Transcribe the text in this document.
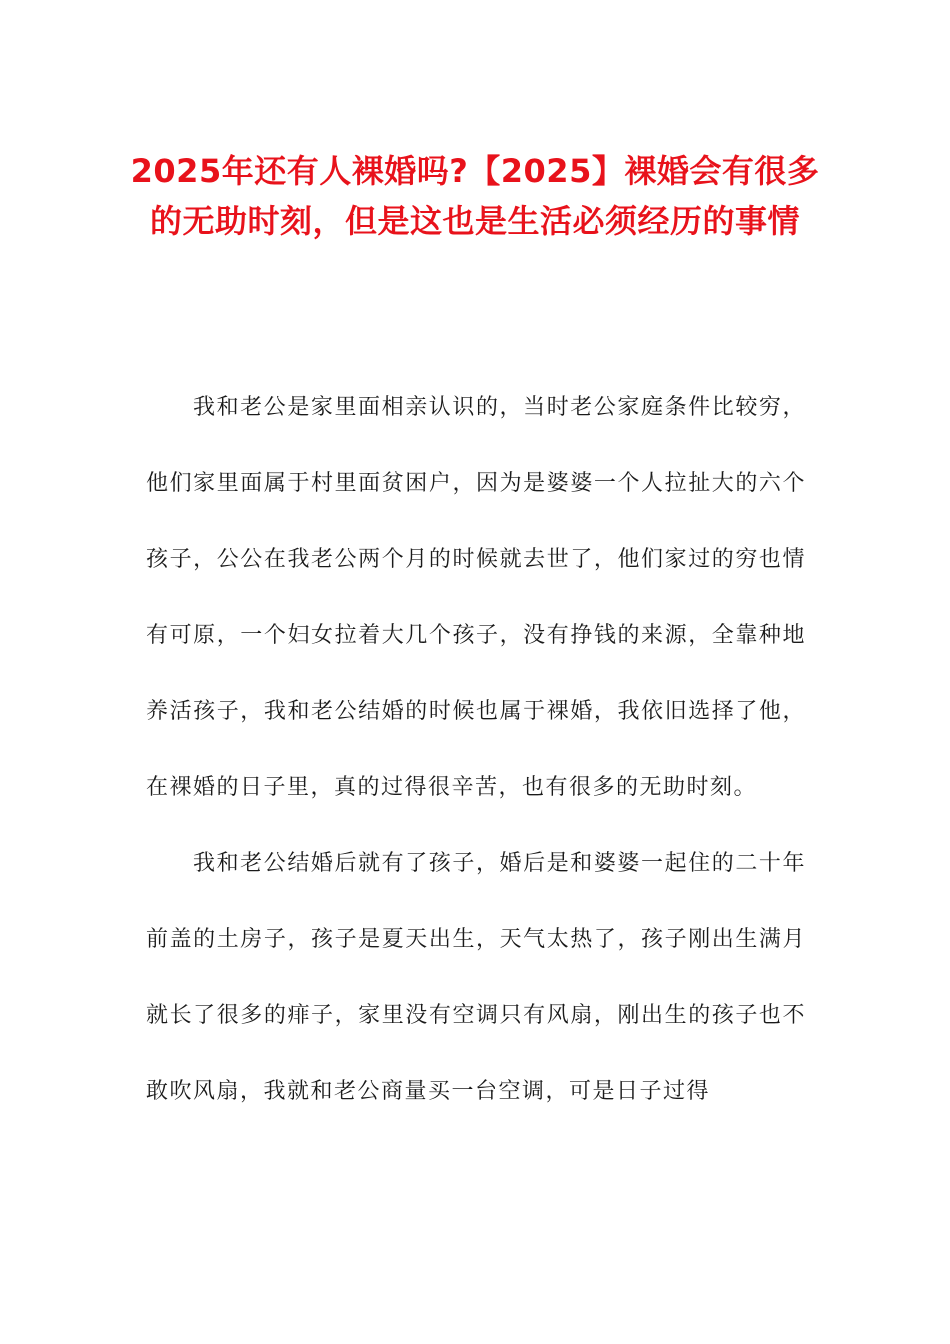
2025年还有人裸婚吗?【2025】裸婚会有很多的无助时刻，但是这也是生活必须经历的事情

我和老公是家里面相亲认识的，当时老公家庭条件比较穷，他们家里面属于村里面贫困户，因为是婆婆一个人拉扯大的六个孩子，公公在我老公两个月的时候就去世了，他们家过的穷也情有可原，一个妇女拉着大几个孩子，没有挣钱的来源，全靠种地养活孩子，我和老公结婚的时候也属于裸婚，我依旧选择了他，在裸婚的日子里，真的过得很辛苦，也有很多的无助时刻。

我和老公结婚后就有了孩子，婚后是和婆婆一起住的二十年前盖的土房子，孩子是夏天出生，天气太热了，孩子刚出生满月就长了很多的痱子，家里没有空调只有风扇，刚出生的孩子也不敢吹风扇，我就和老公商量买一台空调，可是日子过得
